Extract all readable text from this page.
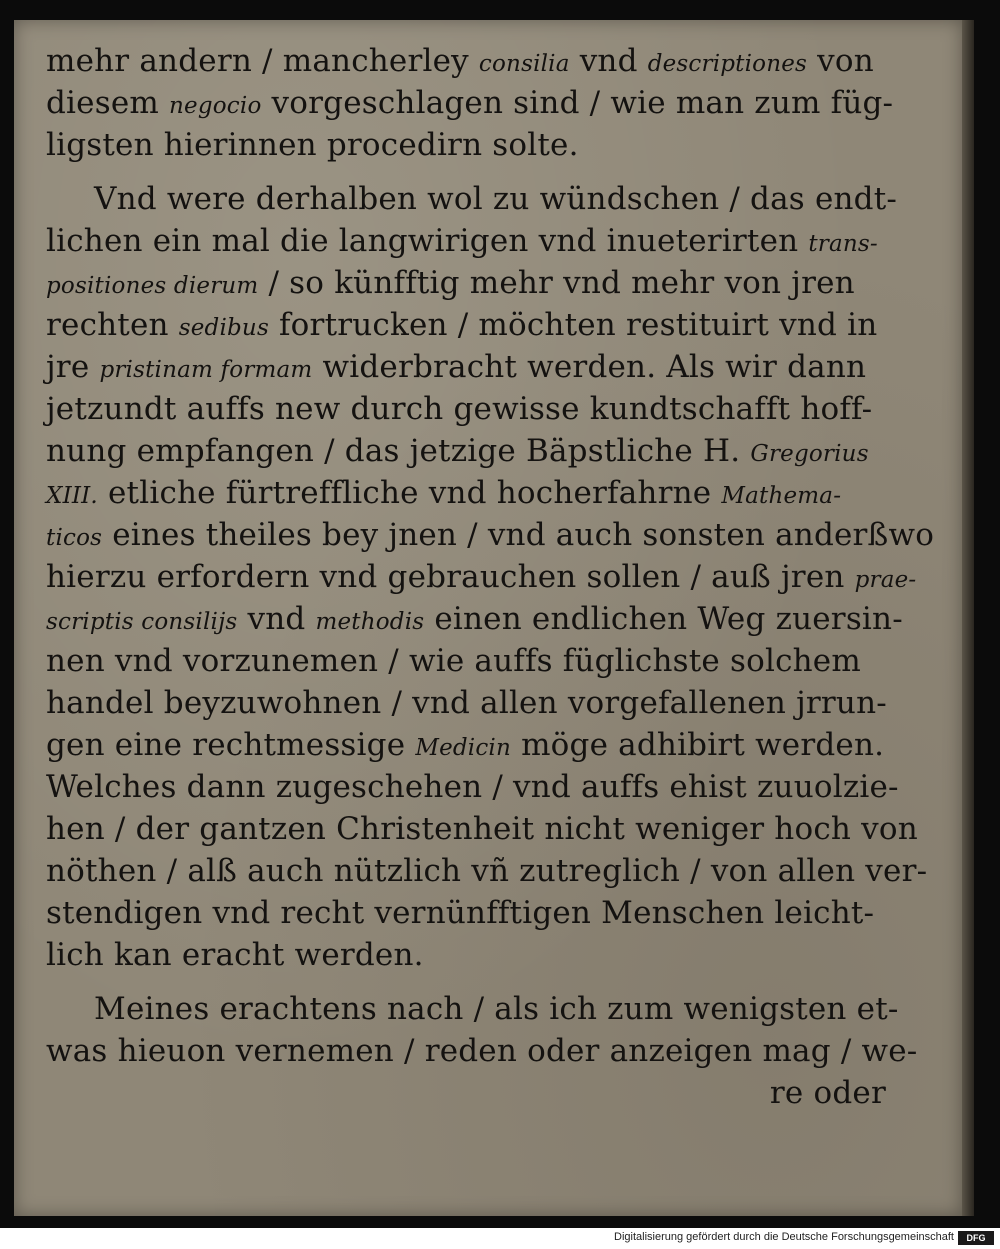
mehr andern / mancherley consilia vnd descriptiones von
diesem negocio vorgeschlagen sind / wie man zum füg-
ligsten hierinnen procedirn solte.
Vnd were derhalben wol zu wündschen / das endt-
lichen ein mal die langwirigen vnd inueterirten trans-
positiones dierum / so künfftig mehr vnd mehr von jren
rechten sedibus fortrucken / möchten restituirt vnd in
jre pristinam formam widerbracht werden. Als wir dann
jetzundt auffs new durch gewisse kundtschafft hoff-
nung empfangen / das jetzige Bäpstliche H. Gregorius
XIII. etliche fürtreffliche vnd hocherfahrne Mathema-
ticos eines theiles bey jnen / vnd auch sonsten anderßwo
hierzu erfordern vnd gebrauchen sollen / auß jren prae-
scriptis consilijs vnd methodis einen endlichen Weg zuersin-
nen vnd vorzunemen / wie auffs füglichste solchem
handel beyzuwohnen / vnd allen vorgefallenen jrrun-
gen eine rechtmessige Medicin möge adhibirt werden.
Welches dann zugeschehen / vnd auffs ehist zuuolzie-
hen / der gantzen Christenheit nicht weniger hoch von
nöthen / alß auch nützlich vñ zutreglich / von allen ver-
stendigen vnd recht vernünfftigen Menschen leicht-
lich kan eracht werden.
Meines erachtens nach / als ich zum wenigsten et-
was hieuon vernemen / reden oder anzeigen mag / we-
re oder
Digitalisierung gefördert durch die Deutsche Forschungsgemeinschaft	DFG
